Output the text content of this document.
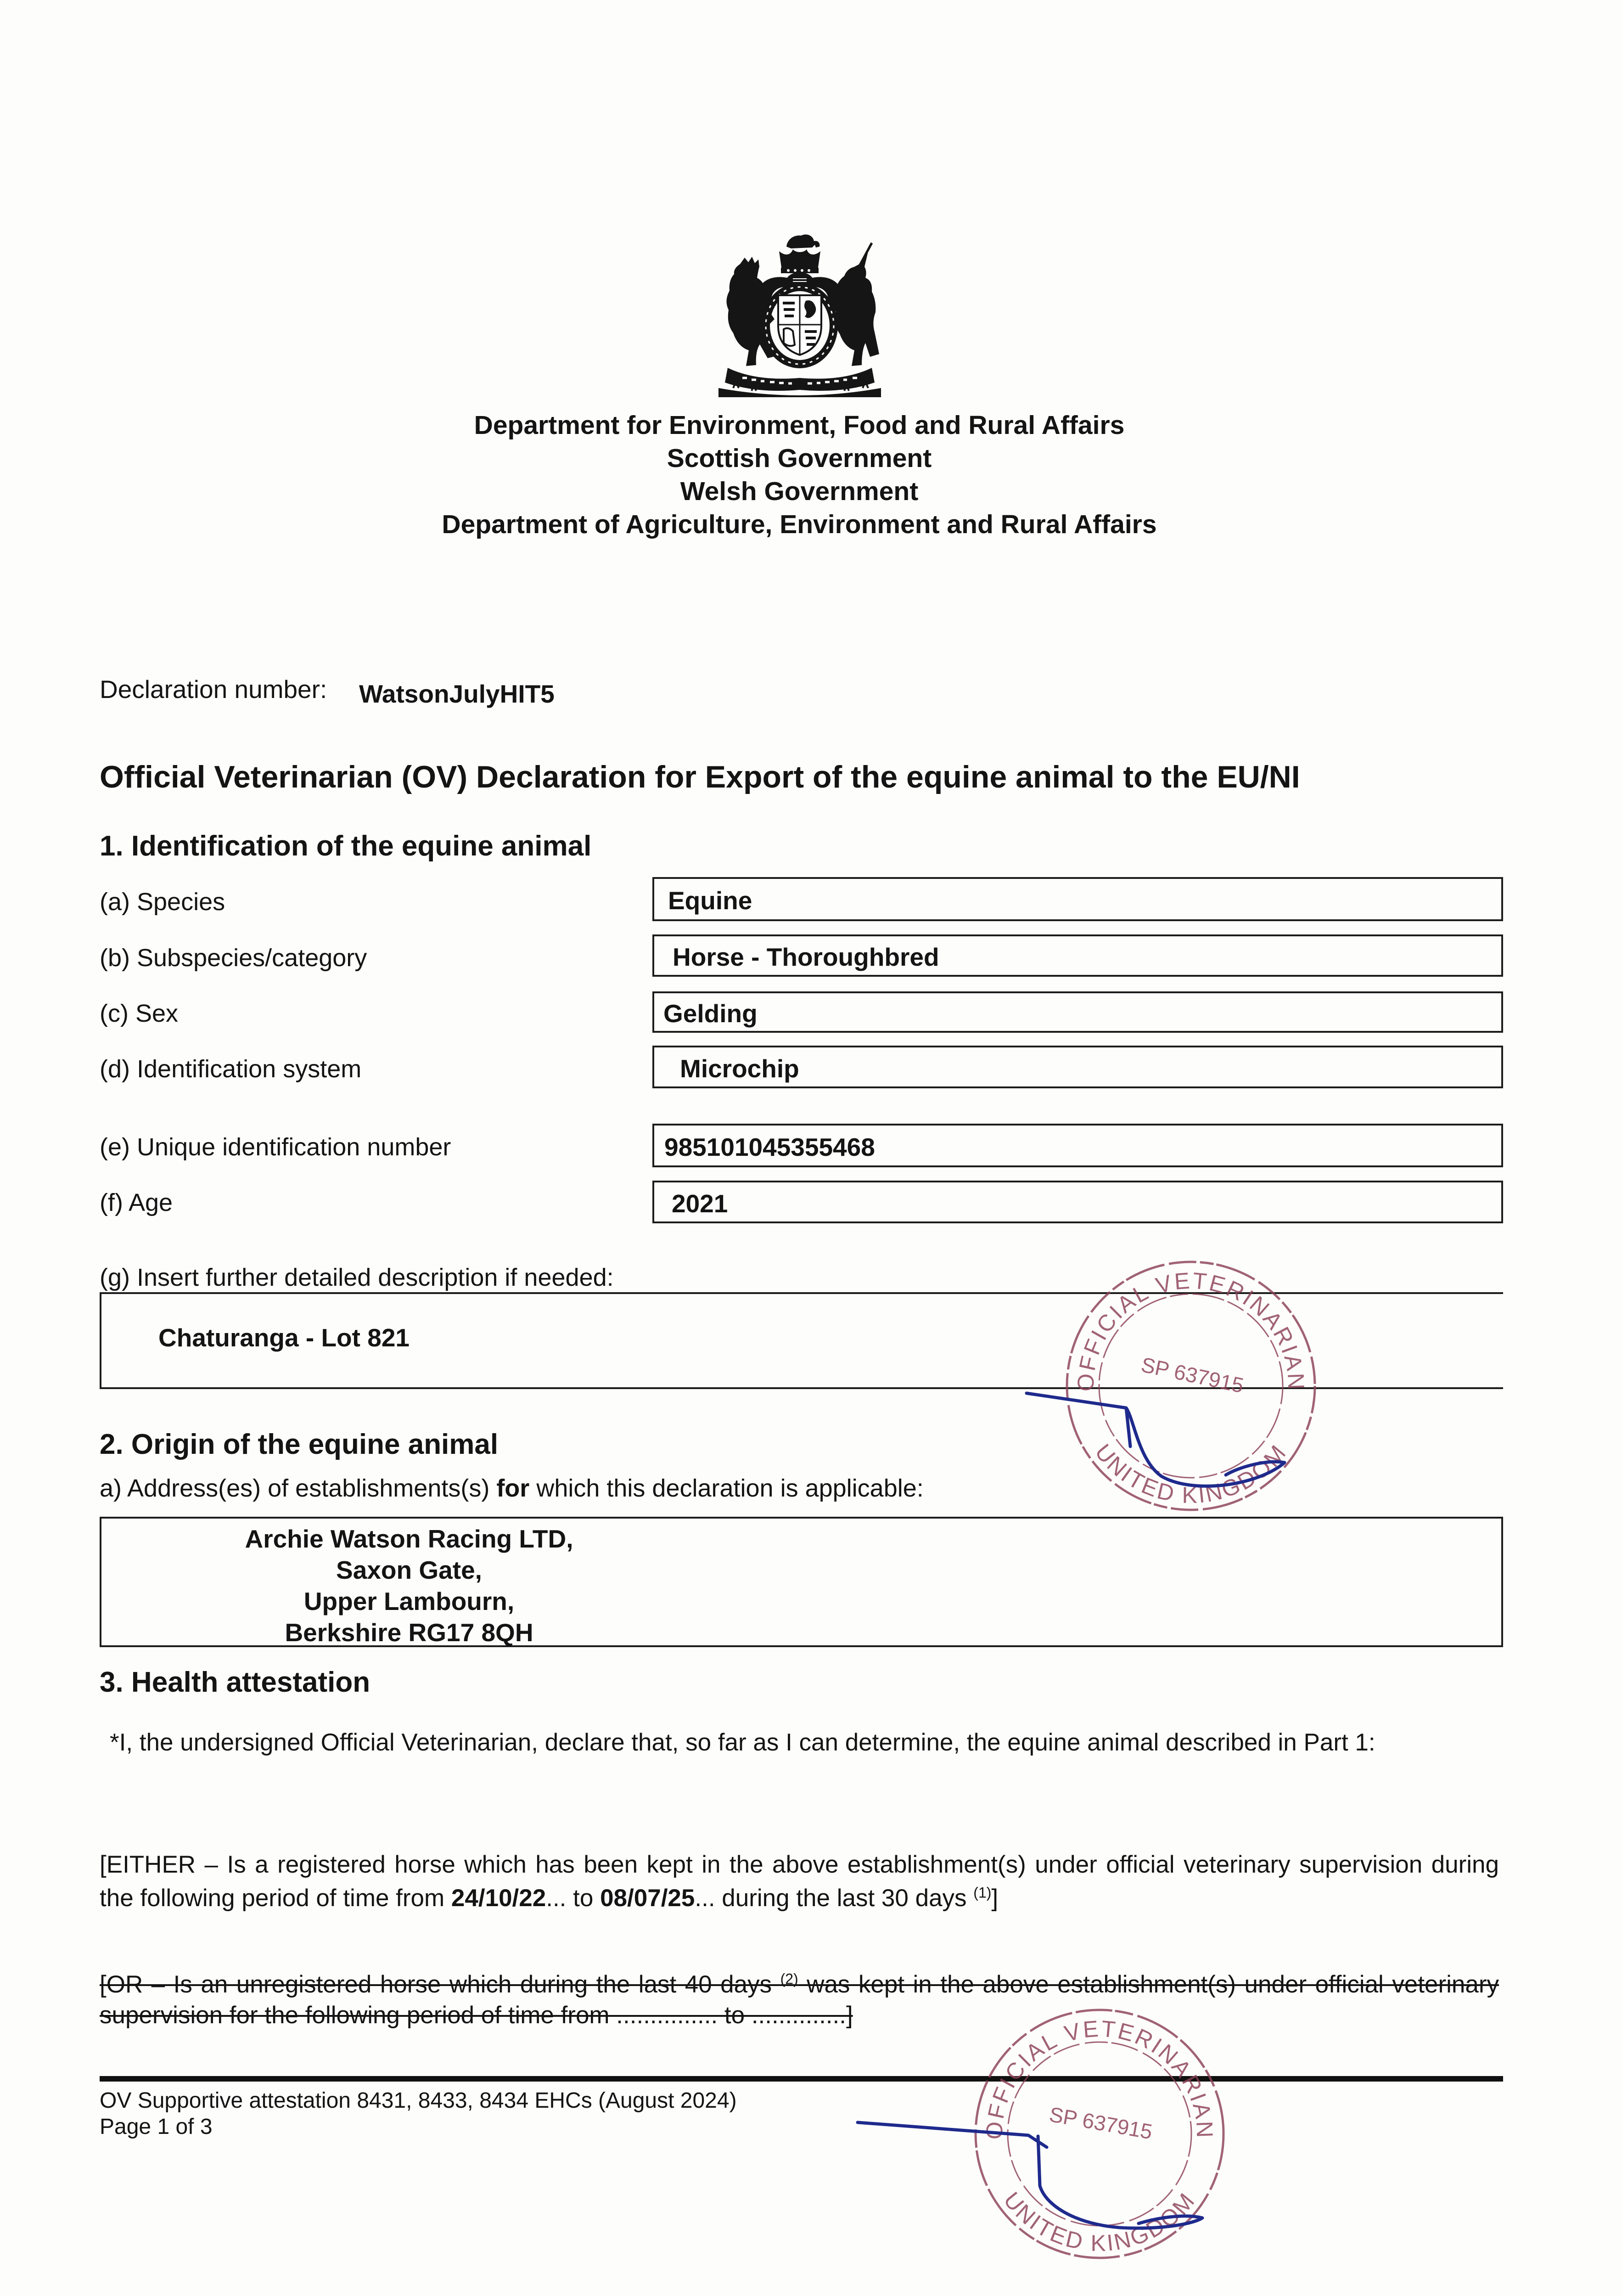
Department for Environment, Food and Rural Affairs
Scottish Government
Welsh Government
Department of Agriculture, Environment and Rural Affairs
Declaration number: WatsonJulyHIT5
Official Veterinarian (OV) Declaration for Export of the equine animal to the EU/NI
1. Identification of the equine animal
(a) Species	Equine
(b) Subspecies/category	Horse - Thoroughbred
(c) Sex	Gelding
(d) Identification system	Microchip
(e) Unique identification number	985101045355468
(f) Age	2021
(g) Insert further detailed description if needed:
Chaturanga - Lot 821
2. Origin of the equine animal
a) Address(es) of establishments(s) for which this declaration is applicable:
Archie Watson Racing LTD,
Saxon Gate,
Upper Lambourn,
Berkshire RG17 8QH
3. Health attestation
*I, the undersigned Official Veterinarian, declare that, so far as I can determine, the equine animal described in Part 1:
[EITHER – Is a registered horse which has been kept in the above establishment(s) under official veterinary supervision during the following period of time from 24/10/22... to 08/07/25... during the last 30 days $^{(1)}$]
[OR – Is an unregistered horse which during the last 40 days $^{(2)}$ was kept in the above establishment(s) under official veterinary supervision for the following period of time from ............... to ..............]
OV Supportive attestation 8431, 8433, 8434 EHCs (August 2024)
Page 1 of 3
OFFICIAL VETERINARIAN
UNITED KINGDOM
SP 637915
OFFICIAL VETERINARIAN
UNITED KINGDOM
SP 637915
